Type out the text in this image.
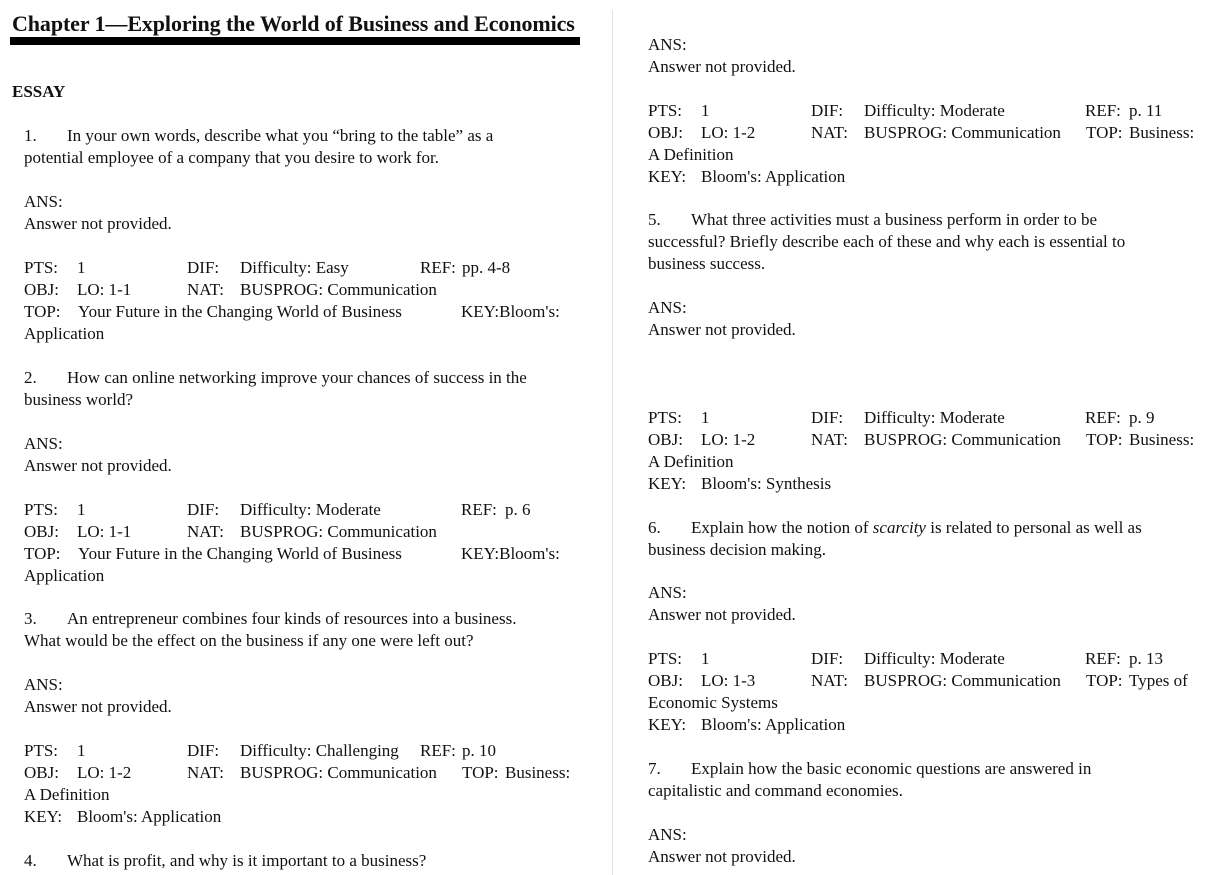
Chapter 1—Exploring the World of Business and Economics
ESSAY
1. In your own words, describe what you “bring to the table” as a
potential employee of a company that you desire to work for.
ANS:
Answer not provided.
PTS: 1	DIF: Difficulty: Easy	REF: pp. 4-8
OBJ: LO: 1-1	NAT: BUSPROG: Communication
TOP: Your Future in the Changing World of Business	KEY:Bloom's:
Application
2. How can online networking improve your chances of success in the
business world?
ANS:
Answer not provided.
PTS: 1	DIF: Difficulty: Moderate	REF: p. 6
OBJ: LO: 1-1	NAT: BUSPROG: Communication
TOP: Your Future in the Changing World of Business	KEY:Bloom's:
Application
3. An entrepreneur combines four kinds of resources into a business.
What would be the effect on the business if any one were left out?
ANS:
Answer not provided.
PTS: 1	DIF: Difficulty: Challenging REF: p. 10
OBJ: LO: 1-2	NAT: BUSPROG: Communication TOP: Business:
A Definition
KEY: Bloom's: Application
4. What is profit, and why is it important to a business?
ANS:
Answer not provided.
PTS: 1	DIF: Difficulty: Moderate	REF: p. 11
OBJ: LO: 1-2	NAT: BUSPROG: Communication TOP: Business:
A Definition
KEY: Bloom's: Application
5. What three activities must a business perform in order to be
successful? Briefly describe each of these and why each is essential to
business success.
ANS:
Answer not provided.
PTS: 1	DIF: Difficulty: Moderate	REF: p. 9
OBJ: LO: 1-2	NAT: BUSPROG: Communication TOP: Business:
A Definition
KEY: Bloom's: Synthesis
6. Explain how the notion of scarcity is related to personal as well as
business decision making.
ANS:
Answer not provided.
PTS: 1	DIF: Difficulty: Moderate	REF: p. 13
OBJ: LO: 1-3	NAT: BUSPROG: Communication TOP: Types of
Economic Systems
KEY: Bloom's: Application
7. Explain how the basic economic questions are answered in
capitalistic and command economies.
ANS:
Answer not provided.
